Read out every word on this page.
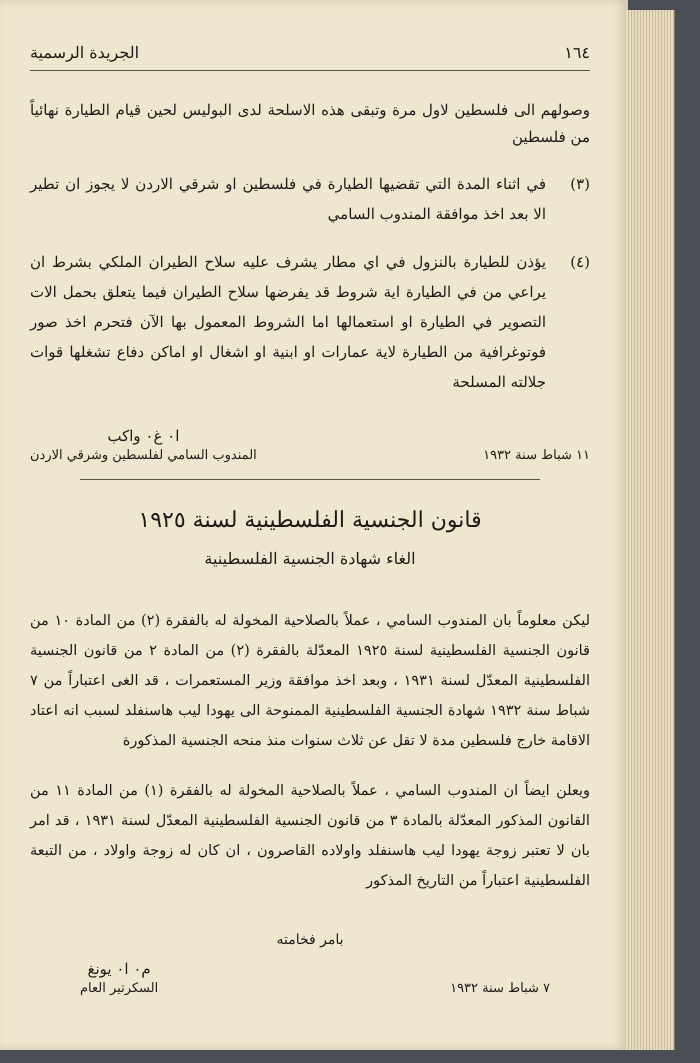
١٦٤
الجريدة الرسمية
وصولهم الى فلسطين لاول مرة وتبقى هذه الاسلحة لدى البوليس لحين قيام الطيارة نهائياً من فلسطين
(٣)
في اثناء المدة التي تقضيها الطيارة في فلسطين او شرقي الاردن لا يجوز ان تطير الا بعد اخذ موافقة المندوب السامي
(٤)
يؤذن للطيارة بالنزول في اي مطار يشرف عليه سلاح الطيران الملكي بشرط ان يراعي من في الطيارة اية شروط قد يفرضها سلاح الطيران فيما يتعلق بحمل الات التصوير في الطيارة او استعمالها اما الشروط المعمول بها الآن فتحرم اخذ صور فوتوغرافية من الطيارة لاية عمارات او ابنية او اشغال او اماكن دفاع تشغلها قوات جلالته المسلحة
١١ شباط سنة ١٩٣٢
ا٠ غ٠ واكب
المندوب السامي لفلسطين وشرقي الاردن
قانون الجنسية الفلسطينية لسنة ١٩٢٥
الغاء شهادة الجنسية الفلسطينية
ليكن معلوماً بان المندوب السامي ، عملاً بالصلاحية المخولة له بالفقرة (٢) من المادة ١٠ من قانون الجنسية الفلسطينية لسنة ١٩٢٥ المعدّلة بالفقرة (٢) من المادة ٢ من قانون الجنسية الفلسطينية المعدّل لسنة ١٩٣١ ، وبعد اخذ موافقة وزير المستعمرات ، قد الغى اعتباراً من ٧ شباط سنة ١٩٣٢ شهادة الجنسية الفلسطينية الممنوحة الى يهودا ليب هاسنفلد لسبب انه اعتاد الاقامة خارج فلسطين مدة لا تقل عن ثلاث سنوات منذ منحه الجنسية المذكورة
ويعلن ايضاً ان المندوب السامي ، عملاً بالصلاحية المخولة له بالفقرة (١) من المادة ١١ من القانون المذكور المعدّلة بالمادة ٣ من قانون الجنسية الفلسطينية المعدّل لسنة ١٩٣١ ، قد امر بان لا تعتبر زوجة يهودا ليب هاسنفلد واولاده القاصرون ، ان كان له زوجة واولاد ، من التبعة الفلسطينية اعتباراً من التاريخ المذكور
بامر فخامته
٧ شباط سنة ١٩٣٢
م٠ ا٠ يونغ
السكرتير العام
